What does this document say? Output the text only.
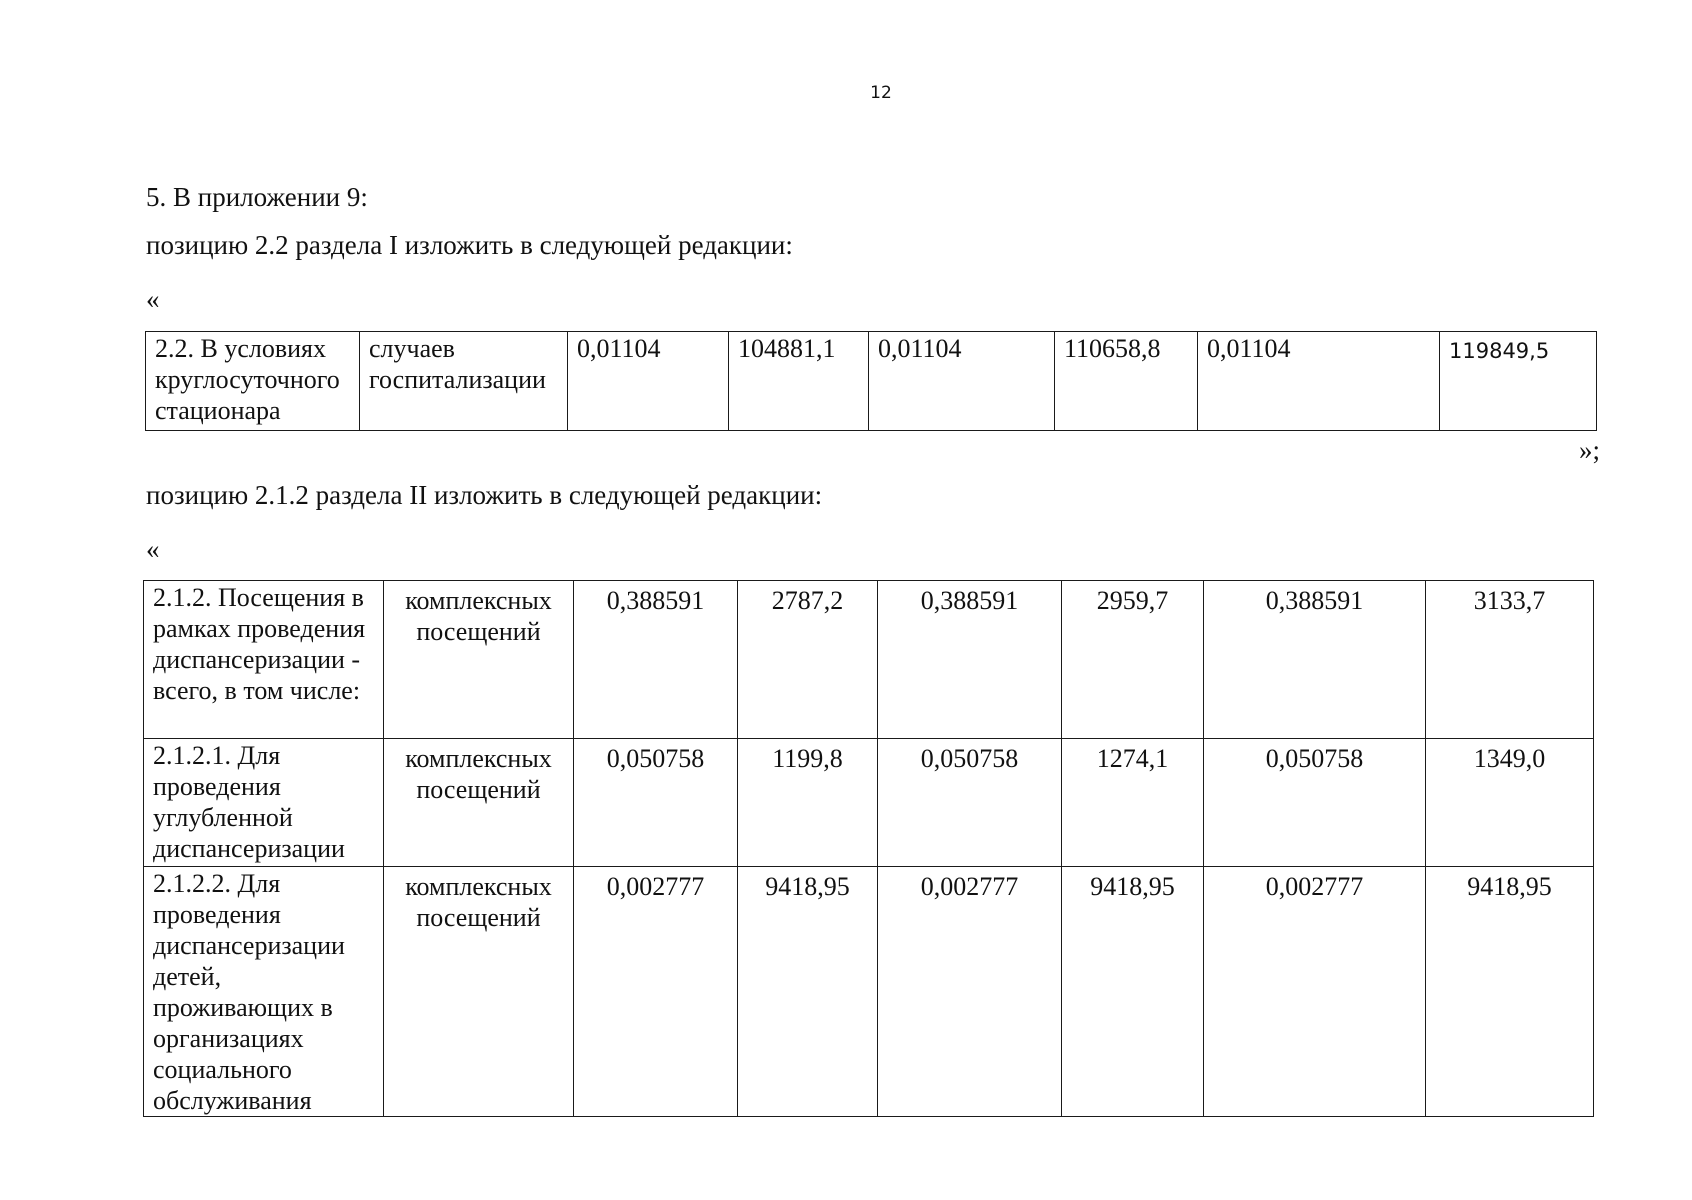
12
5. В приложении 9:
позицию 2.2 раздела I изложить в следующей редакции:
«
2.2. В условиях круглосуточного стационара	случаев госпитализации	0,01104	104881,1	0,01104	110658,8	0,01104	119849,5
»;
позицию 2.1.2 раздела II изложить в следующей редакции:
«
2.1.2. Посещения в рамках проведения диспансеризации - всего, в том числе:	комплексных посещений	0,388591	2787,2	0,388591	2959,7	0,388591	3133,7
2.1.2.1. Для проведения углубленной диспансеризации	комплексных посещений	0,050758	1199,8	0,050758	1274,1	0,050758	1349,0
2.1.2.2. Для проведения диспансеризации детей, проживающих в организациях социального обслуживания	комплексных посещений	0,002777	9418,95	0,002777	9418,95	0,002777	9418,95
